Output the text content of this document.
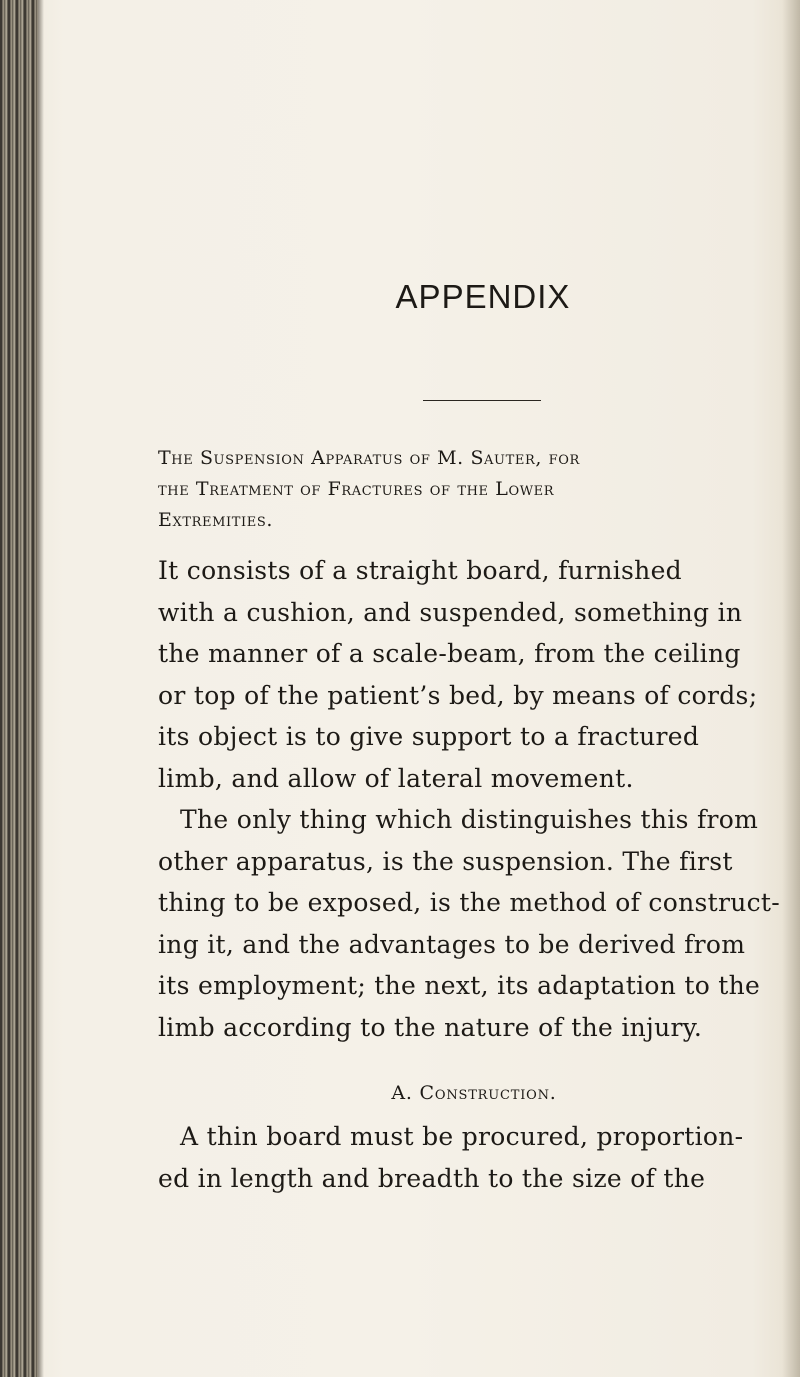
APPENDIX
The Suspension Apparatus of M. Sauter, for
the Treatment of Fractures of the Lower
Extremities.
It consists of a straight board, furnished
with a cushion, and suspended, something in
the manner of a scale-beam, from the ceiling
or top of the patient’s bed, by means of cords;
its object is to give support to a fractured
limb, and allow of lateral movement.
The only thing which distinguishes this from
other apparatus, is the suspension. The first
thing to be exposed, is the method of construct-
ing it, and the advantages to be derived from
its employment; the next, its adaptation to the
limb according to the nature of the injury.
A. Construction.
A thin board must be procured, proportion-
ed in length and breadth to the size of the
